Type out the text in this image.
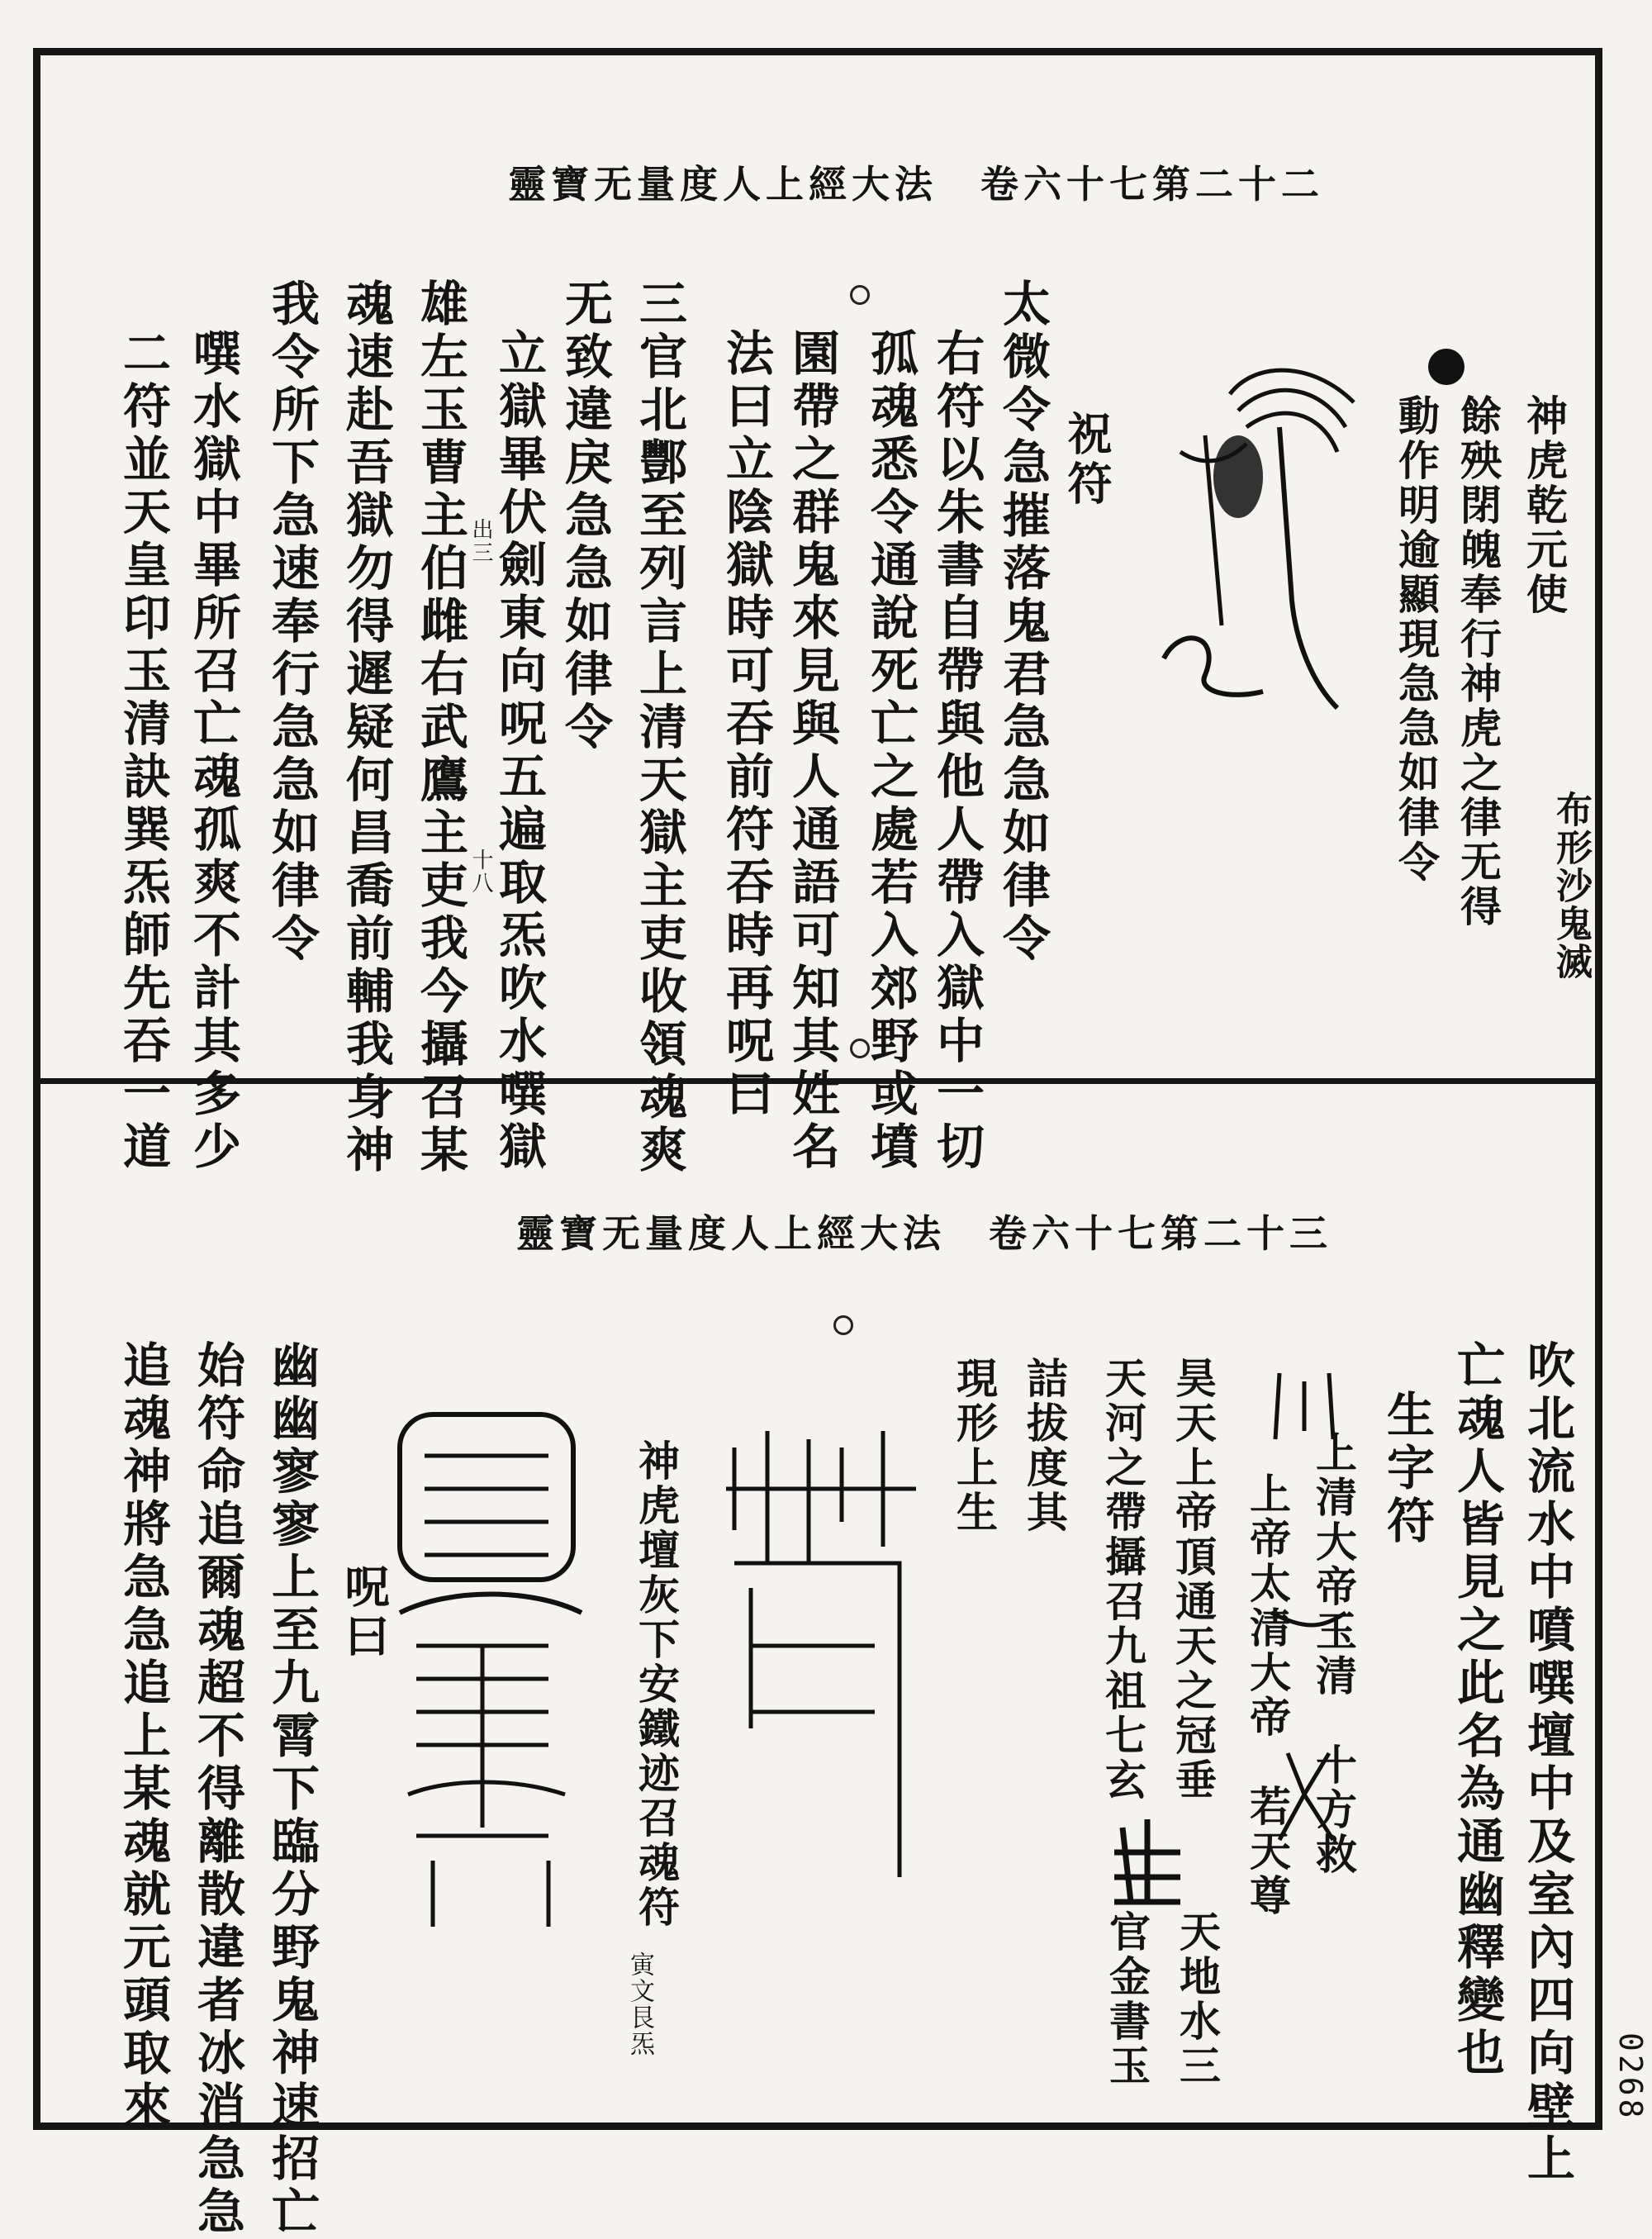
靈寶无量度人上經大法　卷六十七第二十二
神虎乾元使
餘殃閉魄奉行神虎之律无得
動作明逾顯現急急如律令
布形沙鬼滅
祝符
太微令急摧落鬼君急急如律令
右符以朱書自帶與他人帶入獄中一切
孤魂悉令通說死亡之處若入郊野或墳
園帶之群鬼來見與人通語可知其姓名
法曰立陰獄時可吞前符吞時再呪曰
三官北酆至列言上清天獄主吏收領魂爽
无致違戾急急如律令
立獄畢伏劍東向呪五遍取炁吹水噀獄
雄左玉曹主伯雌右武鷹主吏我今攝召某
魂速赴吾獄勿得遲疑何昌喬前輔我身神
我令所下急速奉行急急如律令
噀水獄中畢所召亡魂孤爽不計其多少
二符並天皇印玉清訣巽炁師先吞一道	出三
十八
靈寶无量度人上經大法　卷六十七第二十三
吹北流水中噴噀壇中及室內四向壁上
亡魂人皆見之此名為通幽釋變也
生字符
上清大帝玉清　十方救
上帝太清大帝　若天尊
昊天上帝頂通天之冠垂
天河之帶攝召九祖七玄
詰拔度其
現形上生
天地水三
官金書玉
神虎壇灰下安鐵迹召魂符
寅文艮炁
呪曰
幽幽寥寥上至九霄下臨分野鬼神速招亡
始符命追爾魂超不得離散違者冰消急急
追魂神將急急追上某魂就元頭取來	0268
